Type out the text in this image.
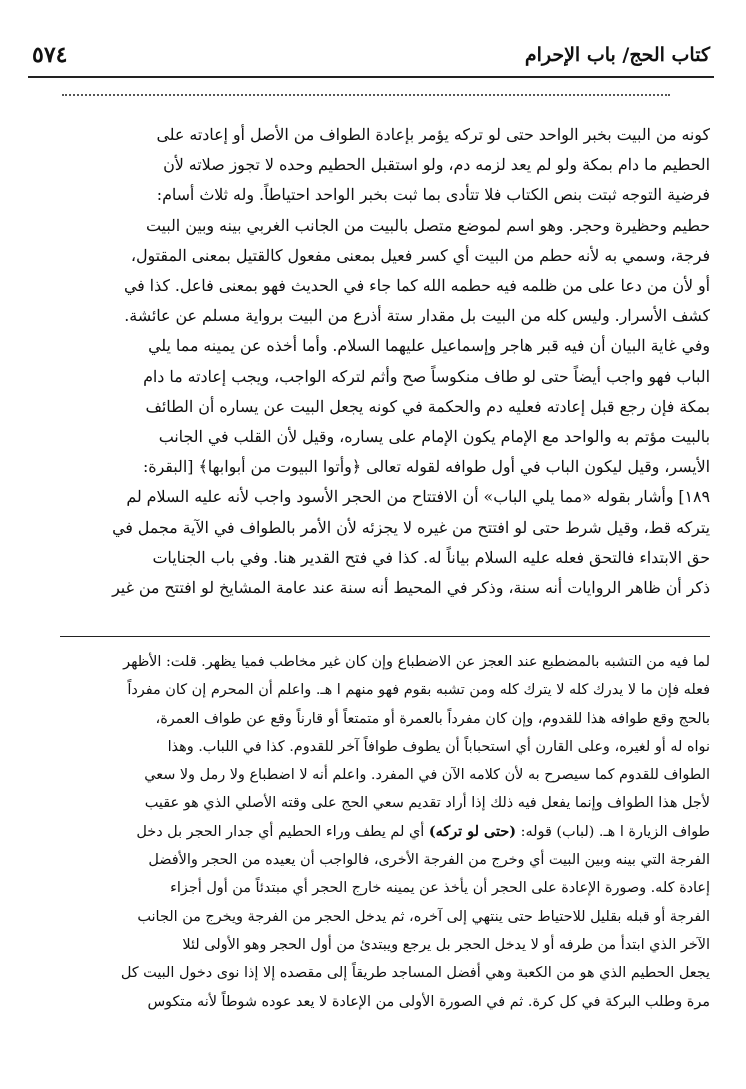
٥٧٤	كتاب الحج/ باب الإحرام
كونه من البيت بخبر الواحد حتى لو تركه يؤمر بإعادة الطواف من الأصل أو إعادته على
الحطيم ما دام بمكة ولو لم يعد لزمه دم، ولو استقبل الحطيم وحده لا تجوز صلاته لأن
فرضية التوجه ثبتت بنص الكتاب فلا تتأدى بما ثبت بخبر الواحد احتياطاً. وله ثلاث أسام:
حطيم وحظيرة وحجر. وهو اسم لموضع متصل بالبيت من الجانب الغربي بينه وبين البيت
فرجة، وسمي به لأنه حطم من البيت أي كسر فعيل بمعنى مفعول كالقتيل بمعنى المقتول،
أو لأن من دعا على من ظلمه فيه حطمه الله كما جاء في الحديث فهو بمعنى فاعل. كذا في
كشف الأسرار. وليس كله من البيت بل مقدار ستة أذرع من البيت برواية مسلم عن عائشة.
وفي غاية البيان أن فيه قبر هاجر وإسماعيل عليهما السلام. وأما أخذه عن يمينه مما يلي
الباب فهو واجب أيضاً حتى لو طاف منكوساً صح وأثم لتركه الواجب، ويجب إعادته ما دام
بمكة فإن رجع قبل إعادته فعليه دم والحكمة في كونه يجعل البيت عن يساره أن الطائف
بالبيت مؤتم به والواحد مع الإمام يكون الإمام على يساره، وقيل لأن القلب في الجانب
الأيسر، وقيل ليكون الباب في أول طوافه لقوله تعالى ﴿وأتوا البيوت من أبوابها﴾ [البقرة:
١٨٩] وأشار بقوله «مما يلي الباب» أن الافتتاح من الحجر الأسود واجب لأنه عليه السلام لم
يتركه قط، وقيل شرط حتى لو افتتح من غيره لا يجزئه لأن الأمر بالطواف في الآية مجمل في
حق الابتداء فالتحق فعله عليه السلام بياناً له. كذا في فتح القدير هنا. وفي باب الجنايات
ذكر أن ظاهر الروايات أنه سنة، وذكر في المحيط أنه سنة عند عامة المشايخ لو افتتح من غير
لما فيه من التشبه بالمضطبع عند العجز عن الاضطباع وإن كان غير مخاطب فميا يظهر. قلت: الأظهر
فعله فإن ما لا يدرك كله لا يترك كله ومن تشبه بقوم فهو منهم ا هـ. واعلم أن المحرم إن كان مفرداً
بالحج وقع طوافه هذا للقدوم، وإن كان مفرداً بالعمرة أو متمتعاً أو قارناً وقع عن طواف العمرة،
نواه له أو لغيره، وعلى القارن أي استحباباً أن يطوف طوافاً آخر للقدوم. كذا في اللباب. وهذا
الطواف للقدوم كما سيصرح به لأن كلامه الآن في المفرد. واعلم أنه لا اضطباع ولا رمل ولا سعي
لأجل هذا الطواف وإنما يفعل فيه ذلك إذا أراد تقديم سعي الحج على وقته الأصلي الذي هو عقيب
طواف الزيارة ا هـ. (لباب) قوله: (حتى لو تركه) أي لم يطف وراء الحطيم أي جدار الحجر بل دخل
الفرجة التي بينه وبين البيت أي وخرج من الفرجة الأخرى، فالواجب أن يعيده من الحجر والأفضل
إعادة كله. وصورة الإعادة على الحجر أن يأخذ عن يمينه خارج الحجر أي مبتدئاً من أول أجزاء
الفرجة أو قبله بقليل للاحتياط حتى ينتهي إلى آخره، ثم يدخل الحجر من الفرجة ويخرج من الجانب
الآخر الذي ابتدأ من طرفه أو لا يدخل الحجر بل يرجع ويبتدئ من أول الحجر وهو الأولى لئلا
يجعل الحطيم الذي هو من الكعبة وهي أفضل المساجد طريقاً إلى مقصده إلا إذا نوى دخول البيت كل
مرة وطلب البركة في كل كرة. ثم في الصورة الأولى من الإعادة لا يعد عوده شوطاً لأنه متكوس
